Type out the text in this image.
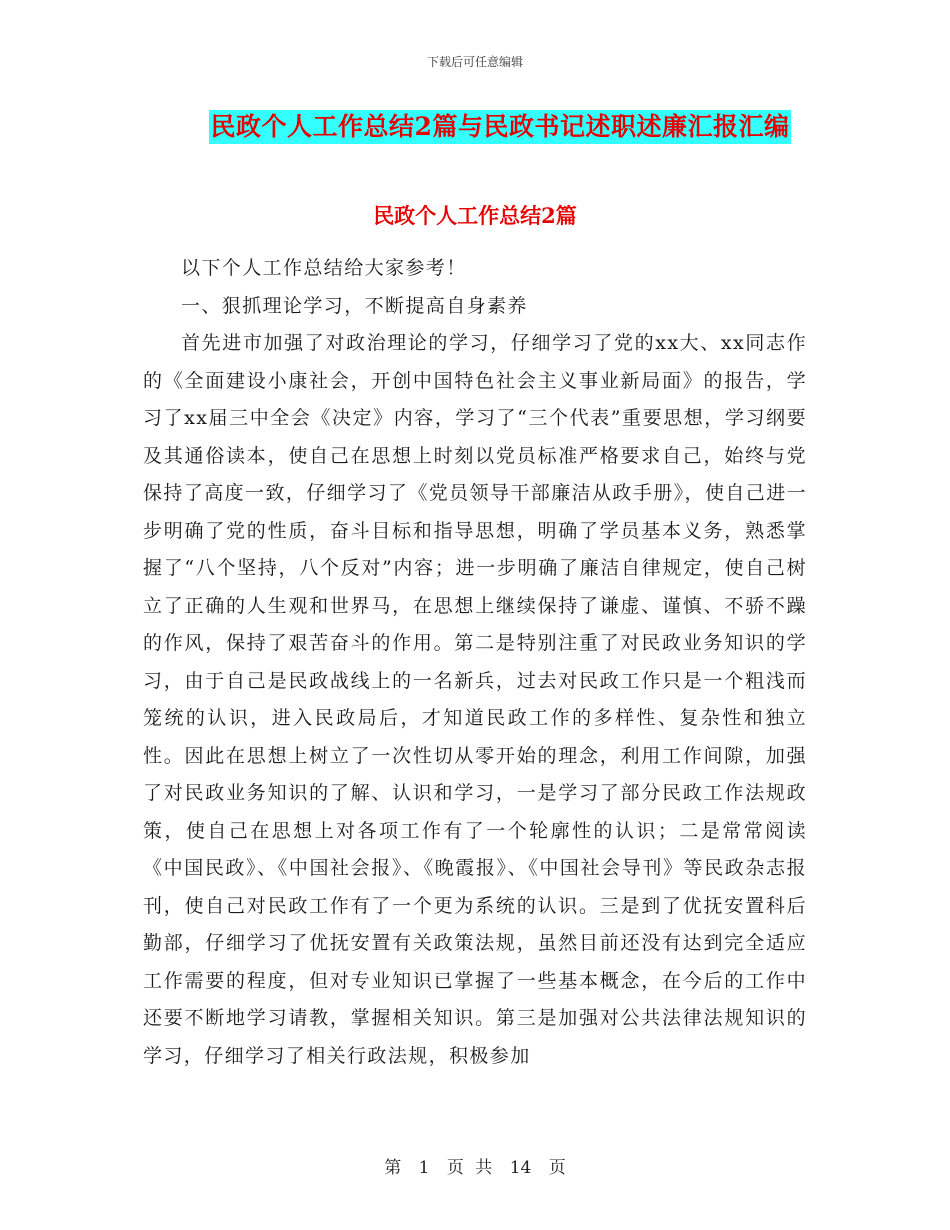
下载后可任意编辑
民政个人工作总结2篇与民政书记述职述廉汇报汇编
民政个人工作总结2篇

以下个人工作总结给大家参考！

一、狠抓理论学习，不断提高自身素养

首先进市加强了对政治理论的学习，仔细学习了党的xx大、xx同志作的《全面建设小康社会，开创中国特色社会主义事业新局面》的报告，学习了xx届三中全会《决定》内容，学习了“三个代表”重要思想，学习纲要及其通俗读本，使自己在思想上时刻以党员标准严格要求自己，始终与党保持了高度一致，仔细学习了《党员领导干部廉洁从政手册》，使自己进一步明确了党的性质，奋斗目标和指导思想，明确了学员基本义务，熟悉掌握了“八个坚持，八个反对”内容；进一步明确了廉洁自律规定，使自己树立了正确的人生观和世界马，在思想上继续保持了谦虚、谨慎、不骄不躁的作风，保持了艰苦奋斗的作用。第二是特别注重了对民政业务知识的学习，由于自己是民政战线上的一名新兵，过去对民政工作只是一个粗浅而笼统的认识，进入民政局后，才知道民政工作的多样性、复杂性和独立性。因此在思想上树立了一次性切从零开始的理念，利用工作间隙，加强了对民政业务知识的了解、认识和学习，一是学习了部分民政工作法规政策，使自己在思想上对各项工作有了一个轮廓性的认识；二是常常阅读《中国民政》、《中国社会报》、《晚霞报》、《中国社会导刊》等民政杂志报刊，使自己对民政工作有了一个更为系统的认识。三是到了优抚安置科后勤部，仔细学习了优抚安置有关政策法规，虽然目前还没有达到完全适应工作需要的程度，但对专业知识已掌握了一些基本概念，在今后的工作中还要不断地学习请教，掌握相关知识。第三是加强对公共法律法规知识的学习，仔细学习了相关行政法规，积极参加

第 1 页 共 14 页
